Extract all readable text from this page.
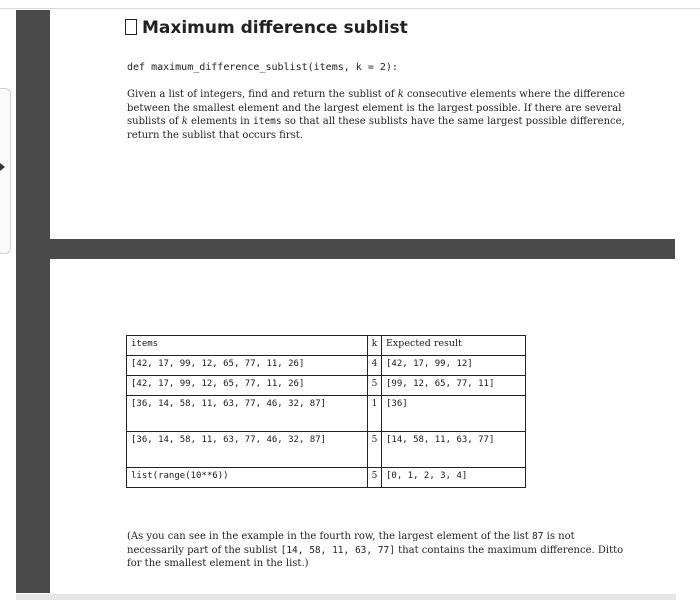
Maximum difference sublist
def maximum_difference_sublist(items, k = 2):

Given a list of integers, find and return the sublist of k consecutive elements where the difference between the smallest element and the largest element is the largest possible. If there are several sublists of k elements in items so that all these sublists have the same largest possible difference, return the sublist that occurs first.

items	k	Expected result
[42, 17, 99, 12, 65, 77, 11, 26]	4	[42, 17, 99, 12]
[42, 17, 99, 12, 65, 77, 11, 26]	5	[99, 12, 65, 77, 11]
[36, 14, 58, 11, 63, 77, 46, 32, 87]	1	[36]
[36, 14, 58, 11, 63, 77, 46, 32, 87]	5	[14, 58, 11, 63, 77]
list(range(10**6))	5	[0, 1, 2, 3, 4]

(As you can see in the example in the fourth row, the largest element of the list 87 is not necessarily part of the sublist [14, 58, 11, 63, 77] that contains the maximum difference. Ditto for the smallest element in the list.)
